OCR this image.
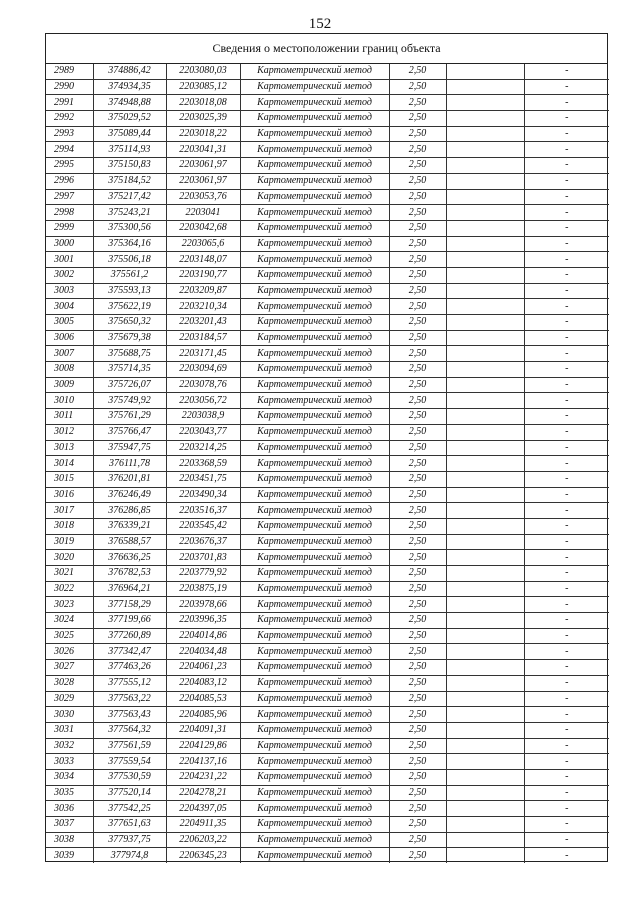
152
Сведения о местоположении границ объекта
2989	374886,42	2203080,03	Картометрический метод	2,50		-
2990	374934,35	2203085,12	Картометрический метод	2,50		-
2991	374948,88	2203018,08	Картометрический метод	2,50		-
2992	375029,52	2203025,39	Картометрический метод	2,50		-
2993	375089,44	2203018,22	Картометрический метод	2,50		-
2994	375114,93	2203041,31	Картометрический метод	2,50		-
2995	375150,83	2203061,97	Картометрический метод	2,50		-
2996	375184,52	2203061,97	Картометрический метод	2,50		-
2997	375217,42	2203053,76	Картометрический метод	2,50		-
2998	375243,21	2203041	Картометрический метод	2,50		-
2999	375300,56	2203042,68	Картометрический метод	2,50		-
3000	375364,16	2203065,6	Картометрический метод	2,50		-
3001	375506,18	2203148,07	Картометрический метод	2,50		-
3002	375561,2	2203190,77	Картометрический метод	2,50		-
3003	375593,13	2203209,87	Картометрический метод	2,50		-
3004	375622,19	2203210,34	Картометрический метод	2,50		-
3005	375650,32	2203201,43	Картометрический метод	2,50		-
3006	375679,38	2203184,57	Картометрический метод	2,50		-
3007	375688,75	2203171,45	Картометрический метод	2,50		-
3008	375714,35	2203094,69	Картометрический метод	2,50		-
3009	375726,07	2203078,76	Картометрический метод	2,50		-
3010	375749,92	2203056,72	Картометрический метод	2,50		-
3011	375761,29	2203038,9	Картометрический метод	2,50		-
3012	375766,47	2203043,77	Картометрический метод	2,50		-
3013	375947,75	2203214,25	Картометрический метод	2,50		-
3014	376111,78	2203368,59	Картометрический метод	2,50		-
3015	376201,81	2203451,75	Картометрический метод	2,50		-
3016	376246,49	2203490,34	Картометрический метод	2,50		-
3017	376286,85	2203516,37	Картометрический метод	2,50		-
3018	376339,21	2203545,42	Картометрический метод	2,50		-
3019	376588,57	2203676,37	Картометрический метод	2,50		-
3020	376636,25	2203701,83	Картометрический метод	2,50		-
3021	376782,53	2203779,92	Картометрический метод	2,50		-
3022	376964,21	2203875,19	Картометрический метод	2,50		-
3023	377158,29	2203978,66	Картометрический метод	2,50		-
3024	377199,66	2203996,35	Картометрический метод	2,50		-
3025	377260,89	2204014,86	Картометрический метод	2,50		-
3026	377342,47	2204034,48	Картометрический метод	2,50		-
3027	377463,26	2204061,23	Картометрический метод	2,50		-
3028	377555,12	2204083,12	Картометрический метод	2,50		-
3029	377563,22	2204085,53	Картометрический метод	2,50		-
3030	377563,43	2204085,96	Картометрический метод	2,50		-
3031	377564,32	2204091,31	Картометрический метод	2,50		-
3032	377561,59	2204129,86	Картометрический метод	2,50		-
3033	377559,54	2204137,16	Картометрический метод	2,50		-
3034	377530,59	2204231,22	Картометрический метод	2,50		-
3035	377520,14	2204278,21	Картометрический метод	2,50		-
3036	377542,25	2204397,05	Картометрический метод	2,50		-
3037	377651,63	2204911,35	Картометрический метод	2,50		-
3038	377937,75	2206203,22	Картометрический метод	2,50		-
3039	377974,8	2206345,23	Картометрический метод	2,50		-
